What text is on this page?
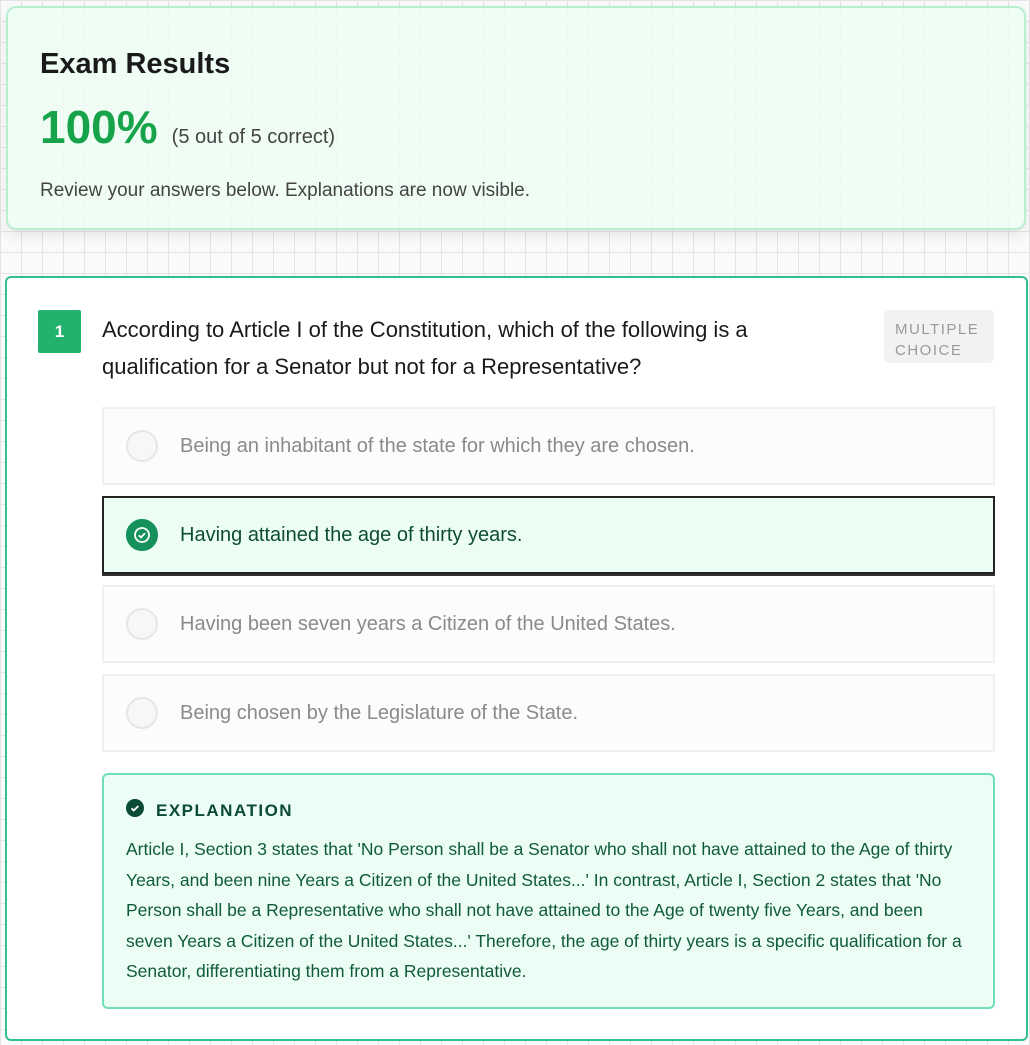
Exam Results
100% (5 out of 5 correct)
Review your answers below. Explanations are now visible.
1	According to Article I of the Constitution, which of the following is a qualification for a Senator but not for a Representative?
MULTIPLE CHOICE
Being an inhabitant of the state for which they are chosen.
Having attained the age of thirty years.
Having been seven years a Citizen of the United States.
Being chosen by the Legislature of the State.
EXPLANATION
Article I, Section 3 states that 'No Person shall be a Senator who shall not have attained to the Age of thirty Years, and been nine Years a Citizen of the United States...' In contrast, Article I, Section 2 states that 'No Person shall be a Representative who shall not have attained to the Age of twenty five Years, and been seven Years a Citizen of the United States...' Therefore, the age of thirty years is a specific qualification for a Senator, differentiating them from a Representative.
